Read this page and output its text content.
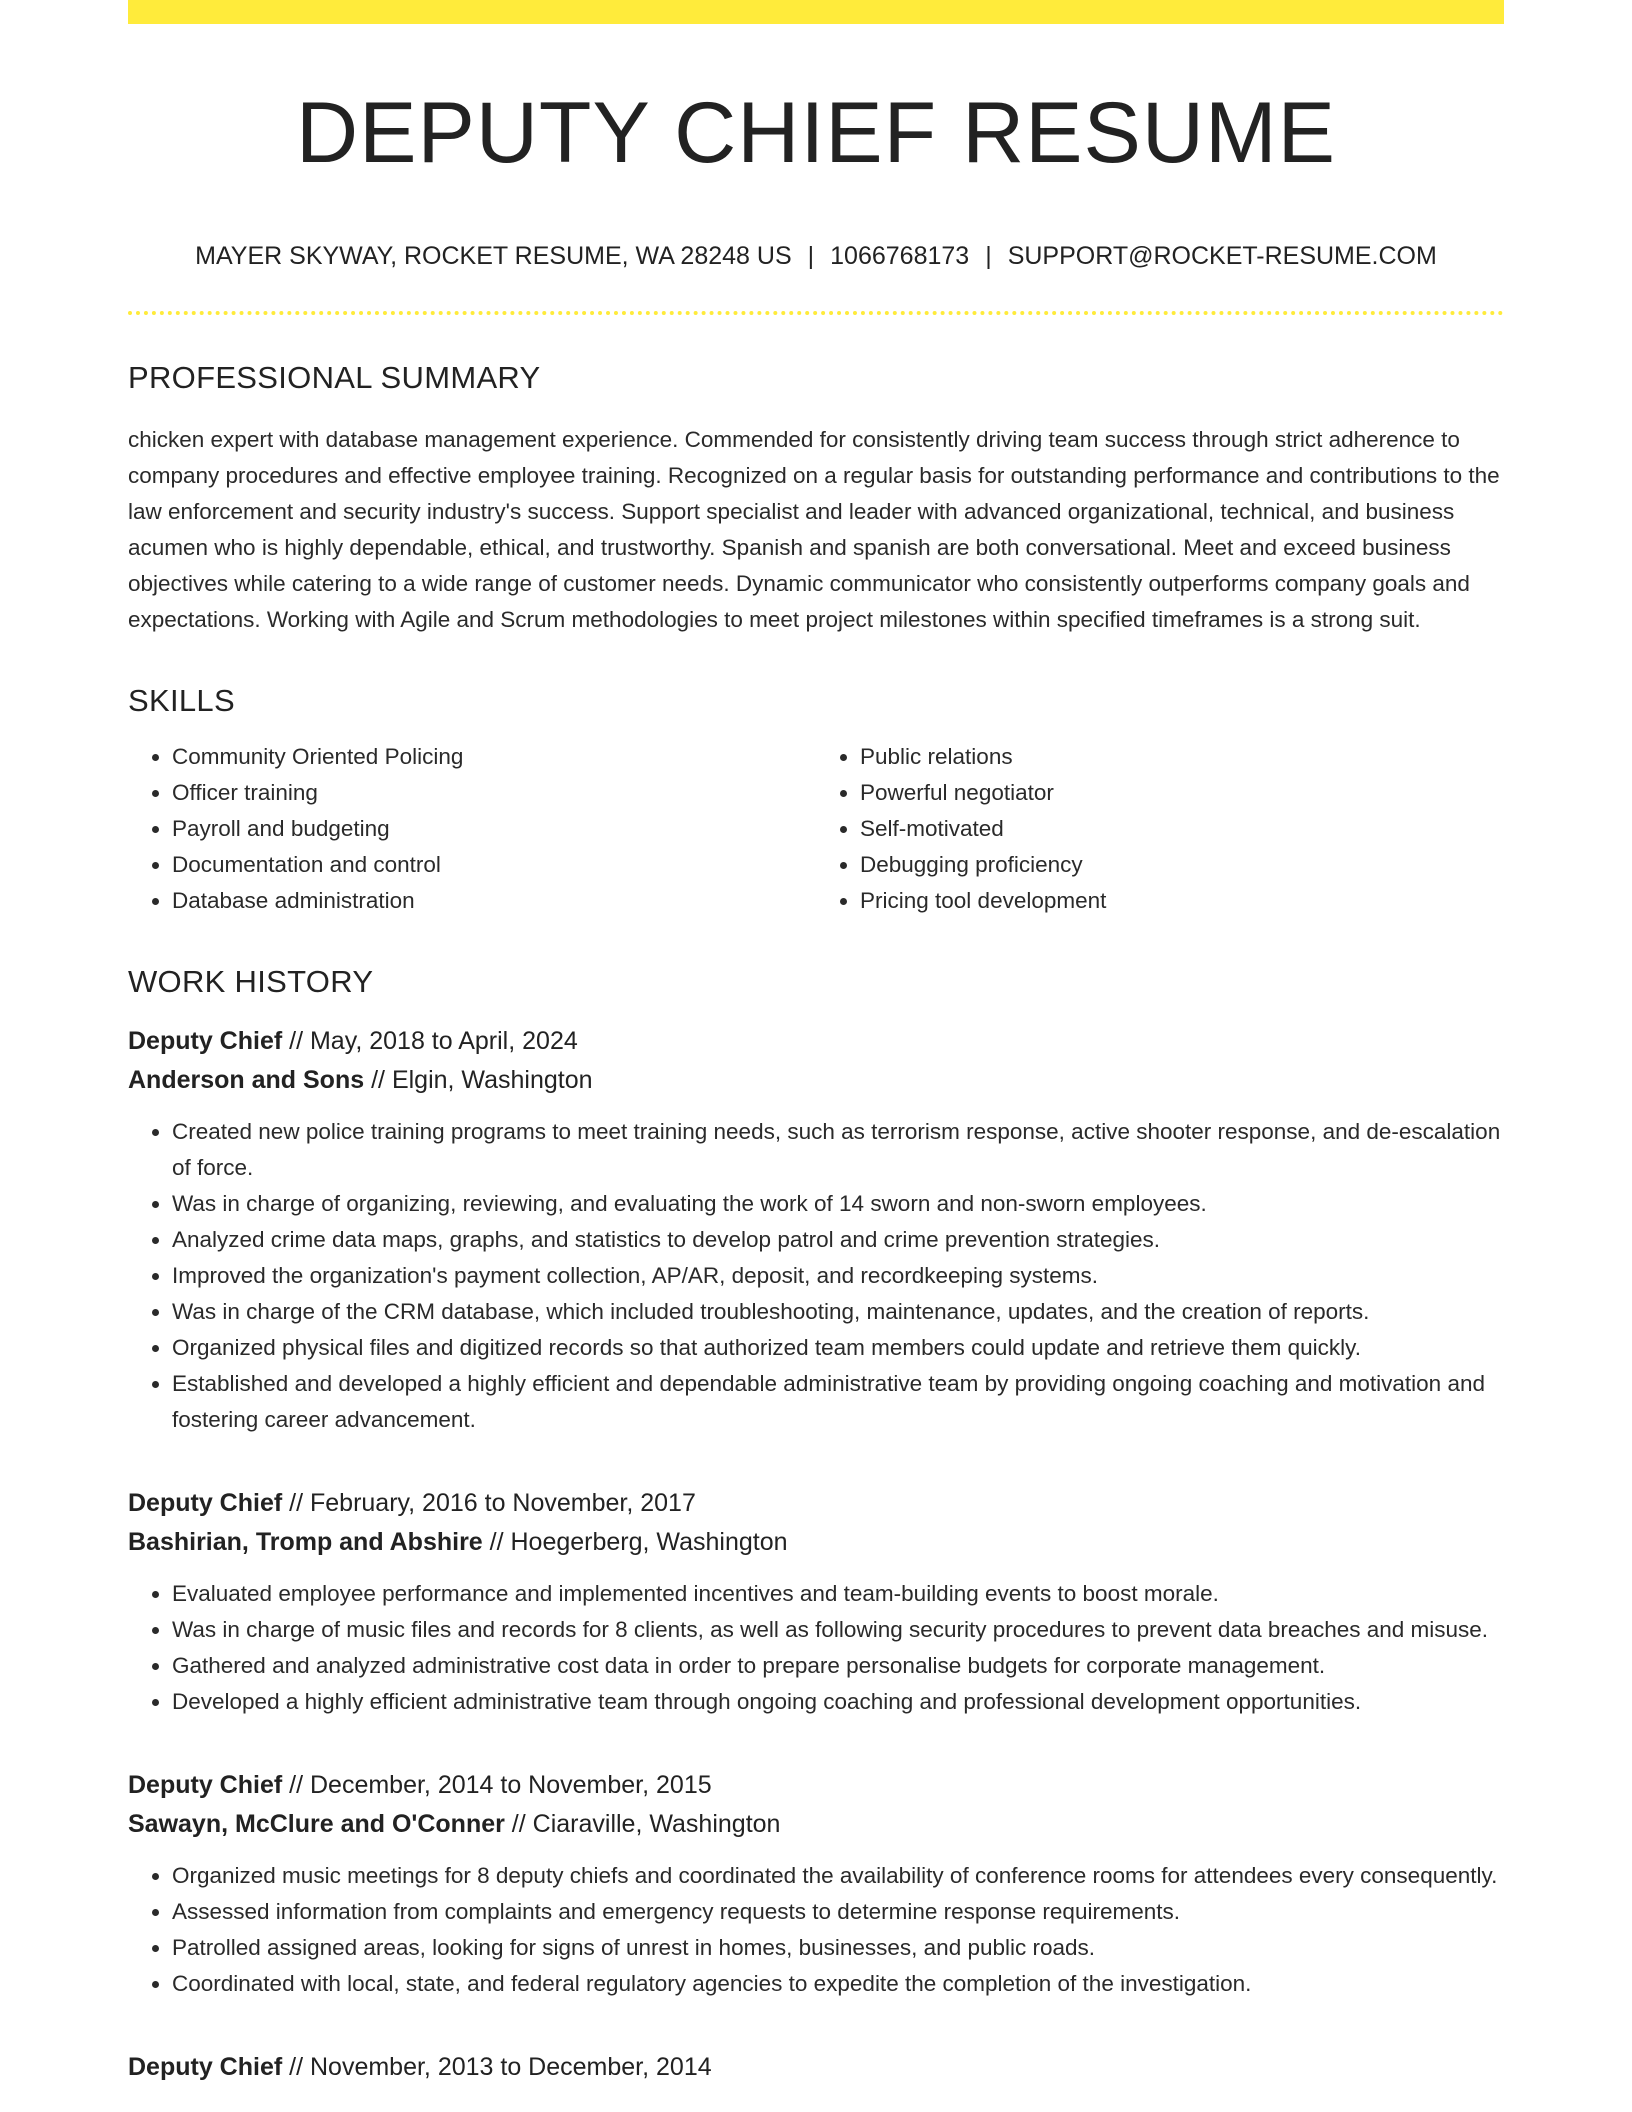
DEPUTY CHIEF RESUME
MAYER SKYWAY, ROCKET RESUME, WA 28248 US | 1066768173 | SUPPORT@ROCKET-RESUME.COM
PROFESSIONAL SUMMARY
chicken expert with database management experience. Commended for consistently driving team success through strict adherence to company procedures and effective employee training. Recognized on a regular basis for outstanding performance and contributions to the law enforcement and security industry's success. Support specialist and leader with advanced organizational, technical, and business acumen who is highly dependable, ethical, and trustworthy. Spanish and spanish are both conversational. Meet and exceed business objectives while catering to a wide range of customer needs. Dynamic communicator who consistently outperforms company goals and expectations. Working with Agile and Scrum methodologies to meet project milestones within specified timeframes is a strong suit.
SKILLS
• Community Oriented Policing
• Officer training
• Payroll and budgeting
• Documentation and control
• Database administration
• Public relations
• Powerful negotiator
• Self-motivated
• Debugging proficiency
• Pricing tool development
WORK HISTORY
Deputy Chief // May, 2018 to April, 2024
Anderson and Sons // Elgin, Washington
• Created new police training programs to meet training needs, such as terrorism response, active shooter response, and de-escalation of force.
• Was in charge of organizing, reviewing, and evaluating the work of 14 sworn and non-sworn employees.
• Analyzed crime data maps, graphs, and statistics to develop patrol and crime prevention strategies.
• Improved the organization's payment collection, AP/AR, deposit, and recordkeeping systems.
• Was in charge of the CRM database, which included troubleshooting, maintenance, updates, and the creation of reports.
• Organized physical files and digitized records so that authorized team members could update and retrieve them quickly.
• Established and developed a highly efficient and dependable administrative team by providing ongoing coaching and motivation and fostering career advancement.
Deputy Chief // February, 2016 to November, 2017
Bashirian, Tromp and Abshire // Hoegerberg, Washington
• Evaluated employee performance and implemented incentives and team-building events to boost morale.
• Was in charge of music files and records for 8 clients, as well as following security procedures to prevent data breaches and misuse.
• Gathered and analyzed administrative cost data in order to prepare personalise budgets for corporate management.
• Developed a highly efficient administrative team through ongoing coaching and professional development opportunities.
Deputy Chief // December, 2014 to November, 2015
Sawayn, McClure and O'Conner // Ciaraville, Washington
• Organized music meetings for 8 deputy chiefs and coordinated the availability of conference rooms for attendees every consequently.
• Assessed information from complaints and emergency requests to determine response requirements.
• Patrolled assigned areas, looking for signs of unrest in homes, businesses, and public roads.
• Coordinated with local, state, and federal regulatory agencies to expedite the completion of the investigation.
Deputy Chief // November, 2013 to December, 2014
